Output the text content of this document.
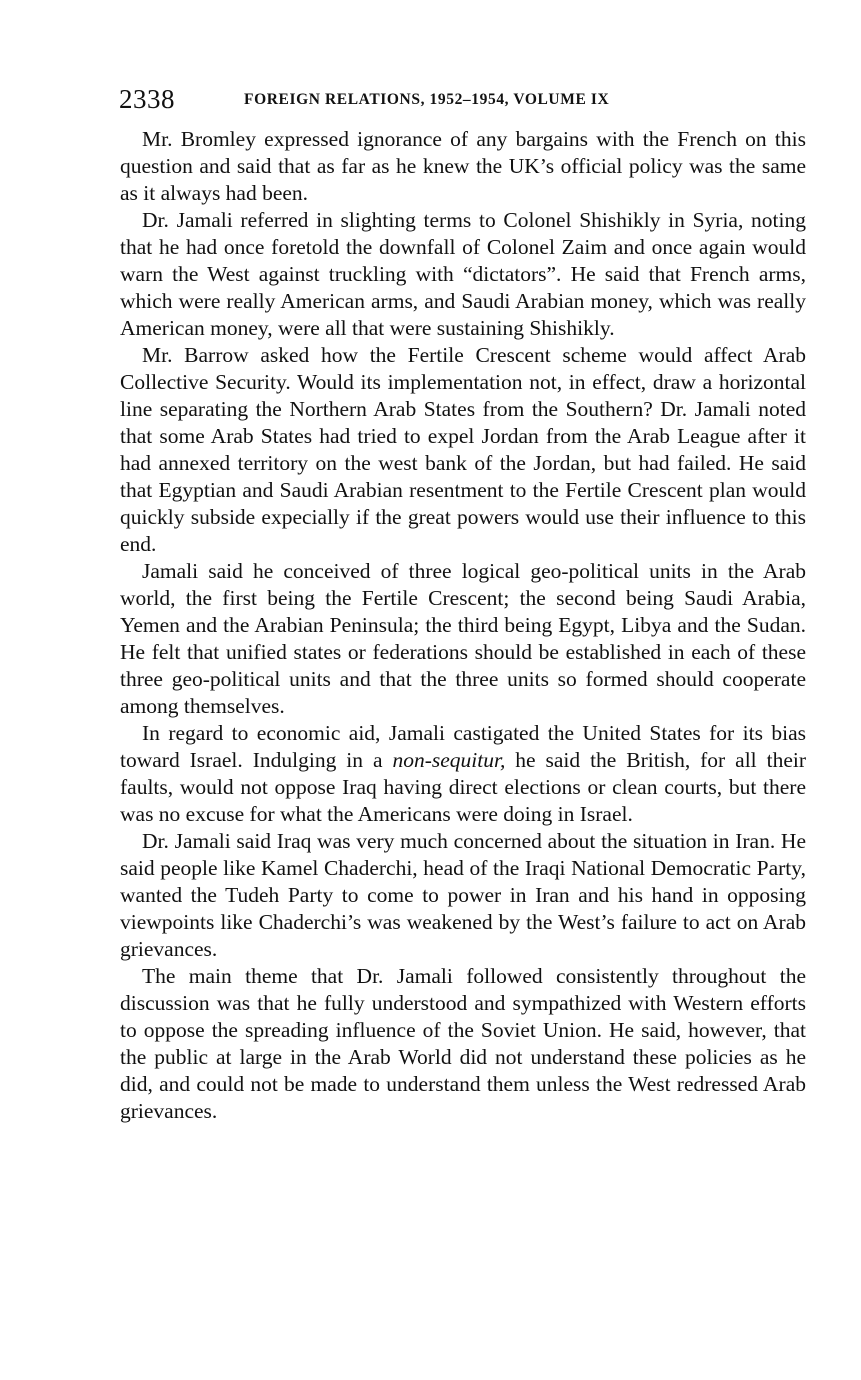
2338	FOREIGN RELATIONS, 1952–1954, VOLUME IX

Mr. Bromley expressed ignorance of any bargains with the French on this question and said that as far as he knew the UK’s official policy was the same as it always had been.

Dr. Jamali referred in slighting terms to Colonel Shishikly in Syria, noting that he had once foretold the downfall of Colonel Zaim and once again would warn the West against truckling with “dictators”. He said that French arms, which were really American arms, and Saudi Arabian money, which was really American money, were all that were sustaining Shishikly.

Mr. Barrow asked how the Fertile Crescent scheme would affect Arab Collective Security. Would its implementation not, in effect, draw a horizontal line separating the Northern Arab States from the Southern? Dr. Jamali noted that some Arab States had tried to expel Jordan from the Arab League after it had annexed territory on the west bank of the Jordan, but had failed. He said that Egyptian and Saudi Arabian resentment to the Fertile Crescent plan would quickly subside expecially if the great powers would use their influence to this end.

Jamali said he conceived of three logical geo-political units in the Arab world, the first being the Fertile Crescent; the second being Saudi Arabia, Yemen and the Arabian Peninsula; the third being Egypt, Libya and the Sudan. He felt that unified states or federations should be established in each of these three geo-political units and that the three units so formed should cooperate among themselves.

In regard to economic aid, Jamali castigated the United States for its bias toward Israel. Indulging in a non-sequitur, he said the British, for all their faults, would not oppose Iraq having direct elections or clean courts, but there was no excuse for what the Americans were doing in Israel.

Dr. Jamali said Iraq was very much concerned about the situation in Iran. He said people like Kamel Chaderchi, head of the Iraqi National Democratic Party, wanted the Tudeh Party to come to power in Iran and his hand in opposing viewpoints like Chaderchi’s was weakened by the West’s failure to act on Arab grievances.

The main theme that Dr. Jamali followed consistently throughout the discussion was that he fully understood and sympathized with Western efforts to oppose the spreading influence of the Soviet Union. He said, however, that the public at large in the Arab World did not understand these policies as he did, and could not be made to understand them unless the West redressed Arab grievances.
